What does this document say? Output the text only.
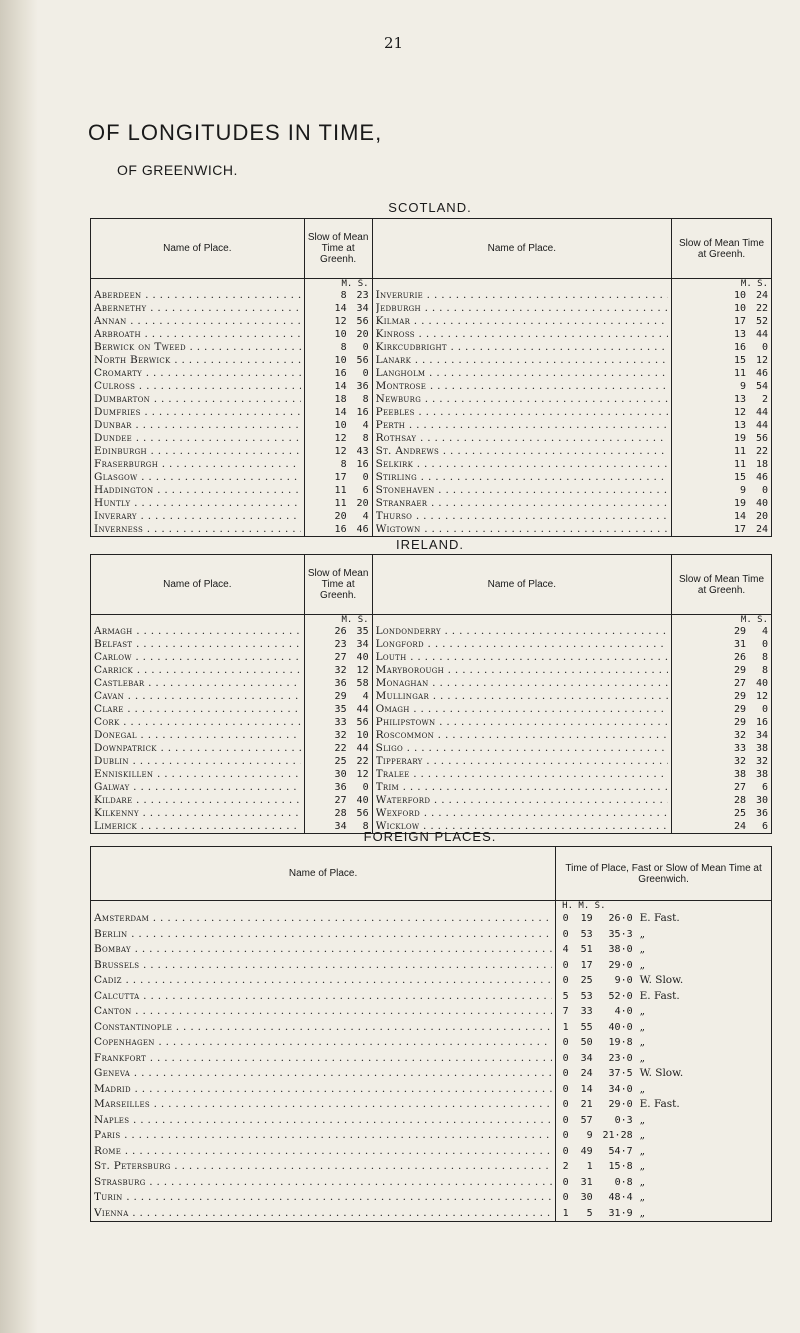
21
OF LONGITUDES IN TIME,
OF GREENWICH.
SCOTLAND.
Name of Place.	Slow of Mean Time at Greenh.	Name of Place.	Slow of Mean Time at Greenh.
	M. S.		M. S.

Aberdeen . . .	8 23	Inverurie . . .	10 24

Abernethy . . .	14 34	Jedburgh . . .	10 22

Annan . . .	12 56	Kilmar . . .	17 52

Arbroath . . .	10 20	Kinross . . .	13 44

Berwick on Tweed . . .	8 0	Kirkcudbright . . .	16 0

North Berwick . . .	10 56	Lanark . . .	15 12

Cromarty . . .	16 0	Langholm . . .	11 46

Culross . . .	14 36	Montrose . . .	9 54

Dumbarton . . .	18 8	Newburg . . .	13 2

Dumfries . . .	14 16	Peebles . . .	12 44

Dunbar . . .	10 4	Perth . . .	13 44

Dundee . . .	12 8	Rothsay . . .	19 56

Edinburgh . . .	12 43	St. Andrews . . .	11 22

Fraserburgh . . .	8 16	Selkirk . . .	11 18

Glasgow . . .	17 0	Stirling . . .	15 46

Haddington . . .	11 6	Stonehaven . . .	9 0

Huntly . . .	11 20	Stranraer . . .	19 40

Inverary . . .	20 4	Thurso . . .	14 20

Inverness . . .	16 46	Wigtown . . .	17 24
IRELAND.
Name of Place.	Slow of Mean Time at Greenh.	Name of Place.	Slow of Mean Time at Greenh.
	M. S.		M. S.

Armagh . . .	26 35	Londonderry . . .	29 4

Belfast . . .	23 34	Longford . . .	31 0

Carlow . . .	27 40	Louth . . .	26 8

Carrick . . .	32 12	Maryborough . . .	29 8

Castlebar . . .	36 58	Monaghan . . .	27 40

Cavan . . .	29 4	Mullingar . . .	29 12

Clare . . .	35 44	Omagh . . .	29 0

Cork . . .	33 56	Philipstown . . .	29 16

Donegal . . .	32 10	Roscommon . . .	32 34

Downpatrick . . .	22 44	Sligo . . .	33 38

Dublin . . .	25 22	Tipperary . . .	32 32

Enniskillen . . .	30 12	Tralee . . .	38 38

Galway . . .	36 0	Trim . . .	27 6

Kildare . . .	27 40	Waterford . . .	28 30

Kilkenny . . .	28 56	Wexford . . .	25 36

Limerick . . .	34 8	Wicklow . . .	24 6
FOREIGN PLACES.
Name of Place.	Time of Place, Fast or Slow of Mean Time at Greenwich.			
	H. M. S.			

Amsterdam . . .	0	19	26·0	E. Fast.

Berlin . . .	0	53	35·3	„

Bombay . . .	4	51	38·0	„

Brussels . . .	0	17	29·0	„

Cadiz . . .	0	25	9·0	W. Slow.

Calcutta . . .	5	53	52·0	E. Fast.

Canton . . .	7	33	4·0	„

Constantinople . . .	1	55	40·0	„

Copenhagen . . .	0	50	19·8	„

Frankfort . . .	0	34	23·0	„

Geneva . . .	0	24	37·5	W. Slow.

Madrid . . .	0	14	34·0	„

Marseilles . . .	0	21	29·0	E. Fast.

Naples . . .	0	57	0·3	„

Paris . . .	0	9	21·28	„

Rome . . .	0	49	54·7	„

St. Petersburg . . .	2	1	15·8	„

Strasburg . . .	0	31	0·8	„

Turin . . .	0	30	48·4	„

Vienna . . .	1	5	31·9	„
